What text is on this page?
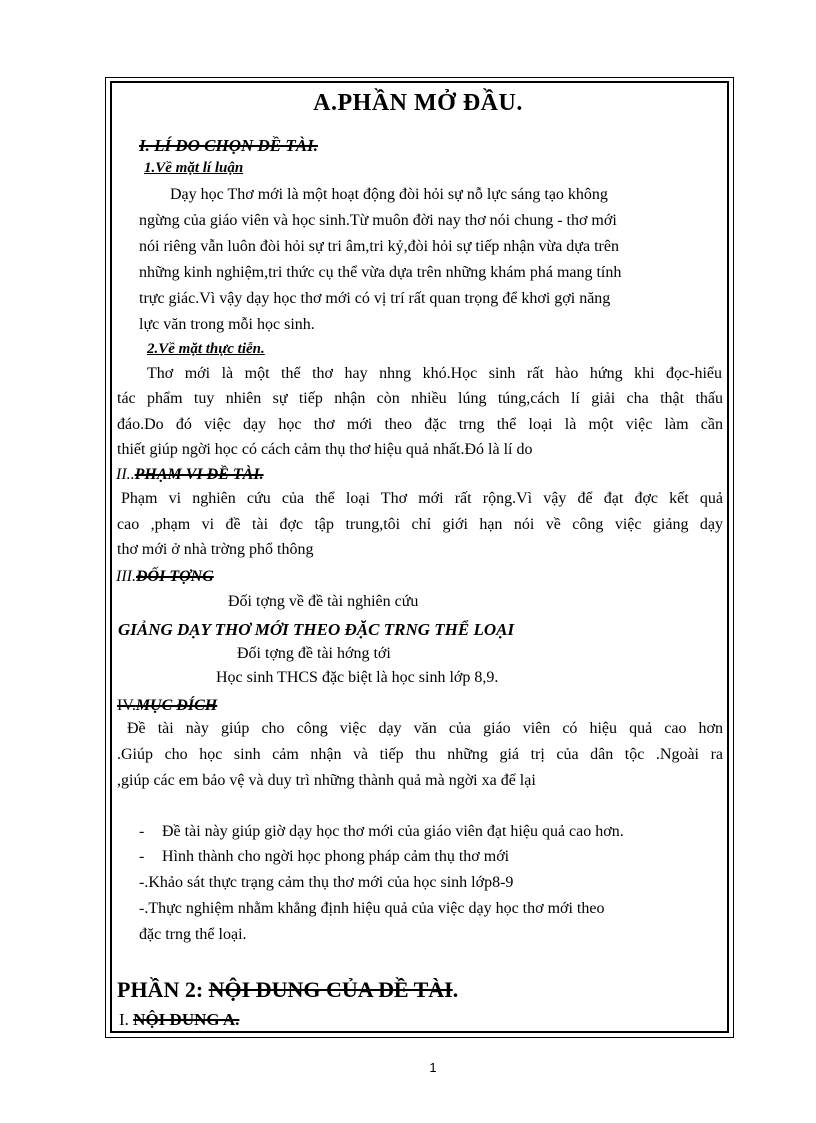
A.PHẦN MỞ ĐẦU.
I. LÍ DO CHỌN ĐỀ TÀI.
1.Về mặt lí luận
Dạy học Thơ mới là một hoạt động đòi hỏi sự nỗ lực sáng tạo không
ngừng của giáo viên và học sinh.Từ muôn đời nay thơ nói chung - thơ mới
nói riêng vẫn luôn đòi hỏi sự tri âm,tri kỷ,đòi hỏi sự tiếp nhận vừa dựa trên
những kinh nghiệm,tri thức cụ thể vừa dựa trên những khám phá mang tính
trực giác.Vì vậy dạy học thơ mới có vị trí rất quan trọng để khơi gợi năng
lực văn trong mỗi học sinh.
2.Về mặt thực tiễn.
Thơ mới là một thể thơ hay nhng khó.Học sinh rất hào hứng khi đọc-hiểu
tác phẩm tuy nhiên sự tiếp nhận còn nhiều lúng túng,cách lí giải cha thật thấu
đáo.Do đó việc dạy học thơ mới theo đặc trng thể loại là một việc làm cần
thiết giúp ngời học có cách cảm thụ thơ hiệu quả nhất.Đó là lí do
II..PHẠM VI ĐỀ TÀI.
Phạm vi nghiên cứu của thể loại Thơ mới rất rộng.Vì vậy để đạt đợc kết quả
cao ,phạm vi đề tài đợc tập trung,tôi chỉ giới hạn nói về công việc giảng dạy
thơ mới ở nhà trờng phổ thông
III.ĐỐI TỢNG
Đối tợng về đề tài nghiên cứu
GIẢNG DẠY THƠ MỚI THEO ĐẶC TRNG THỂ LOẠI
Đối tợng đề tài hớng tới
Học sinh THCS đặc biệt là học sinh lớp 8,9.
IV.MỤC ĐÍCH
Đề tài này giúp cho công việc dạy văn của giáo viên có hiệu quả cao hơn
.Giúp cho học sinh cảm nhận và tiếp thu những giá trị của dân tộc .Ngoài ra
,giúp các em bảo vệ và duy trì những thành quả mà ngời xa để lại
- Đề tài này giúp giờ dạy học thơ mới của giáo viên đạt hiệu quả cao hơn.
- Hình thành cho ngời học phong pháp cảm thụ thơ mới
-.Khảo sát thực trạng cảm thụ thơ mới của học sinh lớp8-9
-.Thực nghiệm nhằm khẳng định hiệu quả của việc dạy học thơ mới theo
đặc trng thể loại.
PHẦN 2: NỘI DUNG CỦA ĐỀ TÀI.
I. NỘI DUNG A.
1
